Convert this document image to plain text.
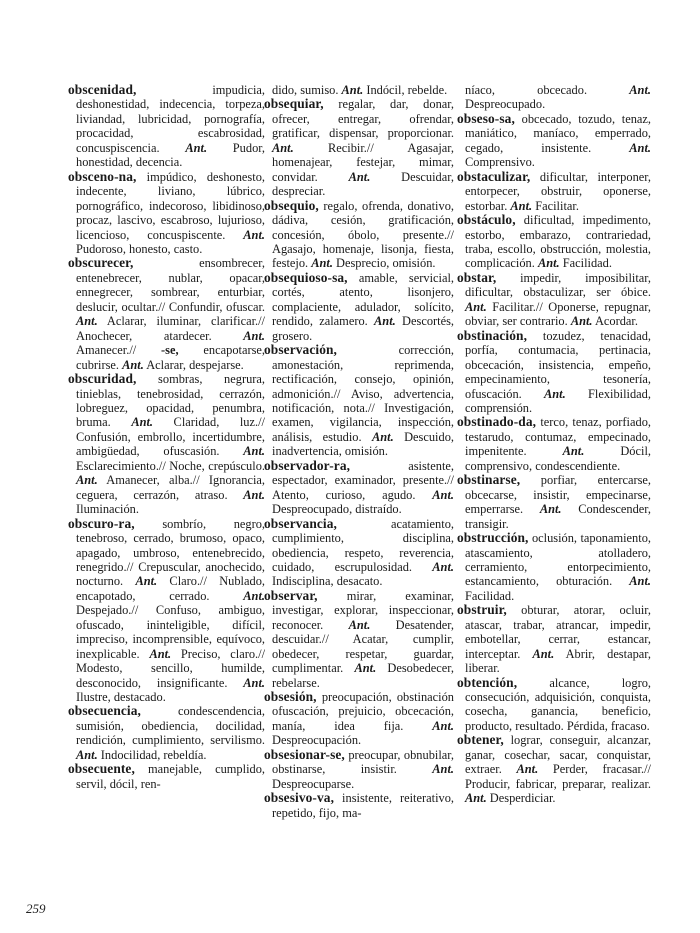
obscenidad, impudicia, deshonestidad, indecencia, torpeza, liviandad, lubricidad, pornografía, procacidad, escabrosidad, concuspiscencia. Ant. Pudor, honestidad, decencia.
obsceno-na, impúdico, deshonesto, indecente, liviano, lúbrico, pornográfico, indecoroso, libidinoso, procaz, lascivo, escabroso, lujurioso, licencioso, concuspiscente. Ant. Pudoroso, honesto, casto.
obscurecer, ensombrecer, entenebrecer, nublar, opacar, ennegrecer, sombrear, enturbiar, deslucir, ocultar.// Confundir, ofuscar. Ant. Aclarar, iluminar, clarificar.// Anochecer, atardecer. Ant. Amanecer.// -se, encapotarse, cubrirse. Ant. Aclarar, despejarse.
obscuridad, sombras, negrura, tinieblas, tenebrosidad, cerrazón, lobreguez, opacidad, penumbra, bruma. Ant. Claridad, luz.// Confusión, embrollo, incertidumbre, ambigüedad, ofuscasión. Ant. Esclarecimiento.// Noche, crepúsculo. Ant. Amanecer, alba.// Ignorancia, ceguera, cerrazón, atraso. Ant. Iluminación.
obscuro-ra, sombrío, negro, tenebroso, cerrado, brumoso, opaco, apagado, umbroso, entenebrecido, renegrido.// Crepuscular, anochecido, nocturno. Ant. Claro.// Nublado, encapotado, cerrado. Ant. Despejado.// Confuso, ambiguo, ofuscado, ininteligible, difícil, impreciso, incomprensible, equívoco, inexplicable. Ant. Preciso, claro.// Modesto, sencillo, humilde, desconocido, insignificante. Ant. Ilustre, destacado.
obsecuencia, condescendencia, sumisión, obediencia, docilidad, rendición, cumplimiento, servilismo. Ant. Indocilidad, rebeldía.
obsecuente, manejable, cumplido, servil, dócil, ren-
dido, sumiso. Ant. Indócil, rebelde.
obsequiar, regalar, dar, donar, ofrecer, entregar, ofrendar, gratificar, dispensar, proporcionar. Ant. Recibir.// Agasajar, homenajear, festejar, mimar, convidar. Ant. Descuidar, despreciar.
obsequio, regalo, ofrenda, donativo, dádiva, cesión, gratificación, concesión, óbolo, presente.// Agasajo, homenaje, lisonja, fiesta, festejo. Ant. Desprecio, omisión.
obsequioso-sa, amable, servicial, cortés, atento, lisonjero, complaciente, adulador, solícito, rendido, zalamero. Ant. Descortés, grosero.
observación, corrección, amonestación, reprimenda, rectificación, consejo, opinión, admonición.// Aviso, advertencia, notificación, nota.// Investigación, examen, vigilancia, inspección, análisis, estudio. Ant. Descuido, inadvertencia, omisión.
observador-ra, asistente, espectador, examinador, presente.// Atento, curioso, agudo. Ant. Despreocupado, distraído.
observancia, acatamiento, cumplimiento, disciplina, obediencia, respeto, reverencia, cuidado, escrupulosidad. Ant. Indisciplina, desacato.
observar, mirar, examinar, investigar, explorar, inspeccionar, reconocer. Ant. Desatender, descuidar.// Acatar, cumplir, obedecer, respetar, guardar, cumplimentar. Ant. Desobedecer, rebelarse.
obsesión, preocupación, obstinación ofuscación, prejuicio, obcecación, manía, idea fija. Ant. Despreocupación.
obsesionar-se, preocupar, obnubilar, obstinarse, insistir. Ant. Despreocuparse.
obsesivo-va, insistente, reiterativo, repetido, fijo, ma-
níaco, obcecado. Ant. Despreocupado.
obseso-sa, obcecado, tozudo, tenaz, maniático, maníaco, emperrado, cegado, insistente. Ant. Comprensivo.
obstaculizar, dificultar, interponer, entorpecer, obstruir, oponerse, estorbar. Ant. Facilitar.
obstáculo, dificultad, impedimento, estorbo, embarazo, contrariedad, traba, escollo, obstrucción, molestia, complicación. Ant. Facilidad.
obstar, impedir, imposibilitar, dificultar, obstaculizar, ser óbice. Ant. Facilitar.// Oponerse, repugnar, obviar, ser contrario. Ant. Acordar.
obstinación, tozudez, tenacidad, porfía, contumacia, pertinacia, obcecación, insistencia, empeño, empecinamiento, tesonería, ofuscación. Ant. Flexibilidad, comprensión.
obstinado-da, terco, tenaz, porfiado, testarudo, contumaz, empecinado, impenitente. Ant. Dócil, comprensivo, condescendiente.
obstinarse, porfiar, entercarse, obcecarse, insistir, empecinarse, emperrarse. Ant. Condescender, transigir.
obstrucción, oclusión, taponamiento, atascamiento, atolladero, cerramiento, entorpecimiento, estancamiento, obturación. Ant. Facilidad.
obstruir, obturar, atorar, ocluir, atascar, trabar, atrancar, impedir, embotellar, cerrar, estancar, interceptar. Ant. Abrir, destapar, liberar.
obtención, alcance, logro, consecución, adquisición, conquista, cosecha, ganancia, beneficio, producto, resultado. Pérdida, fracaso.
obtener, lograr, conseguir, alcanzar, ganar, cosechar, sacar, conquistar, extraer. Ant. Perder, fracasar.// Producir, fabricar, preparar, realizar. Ant. Desperdiciar.
259
